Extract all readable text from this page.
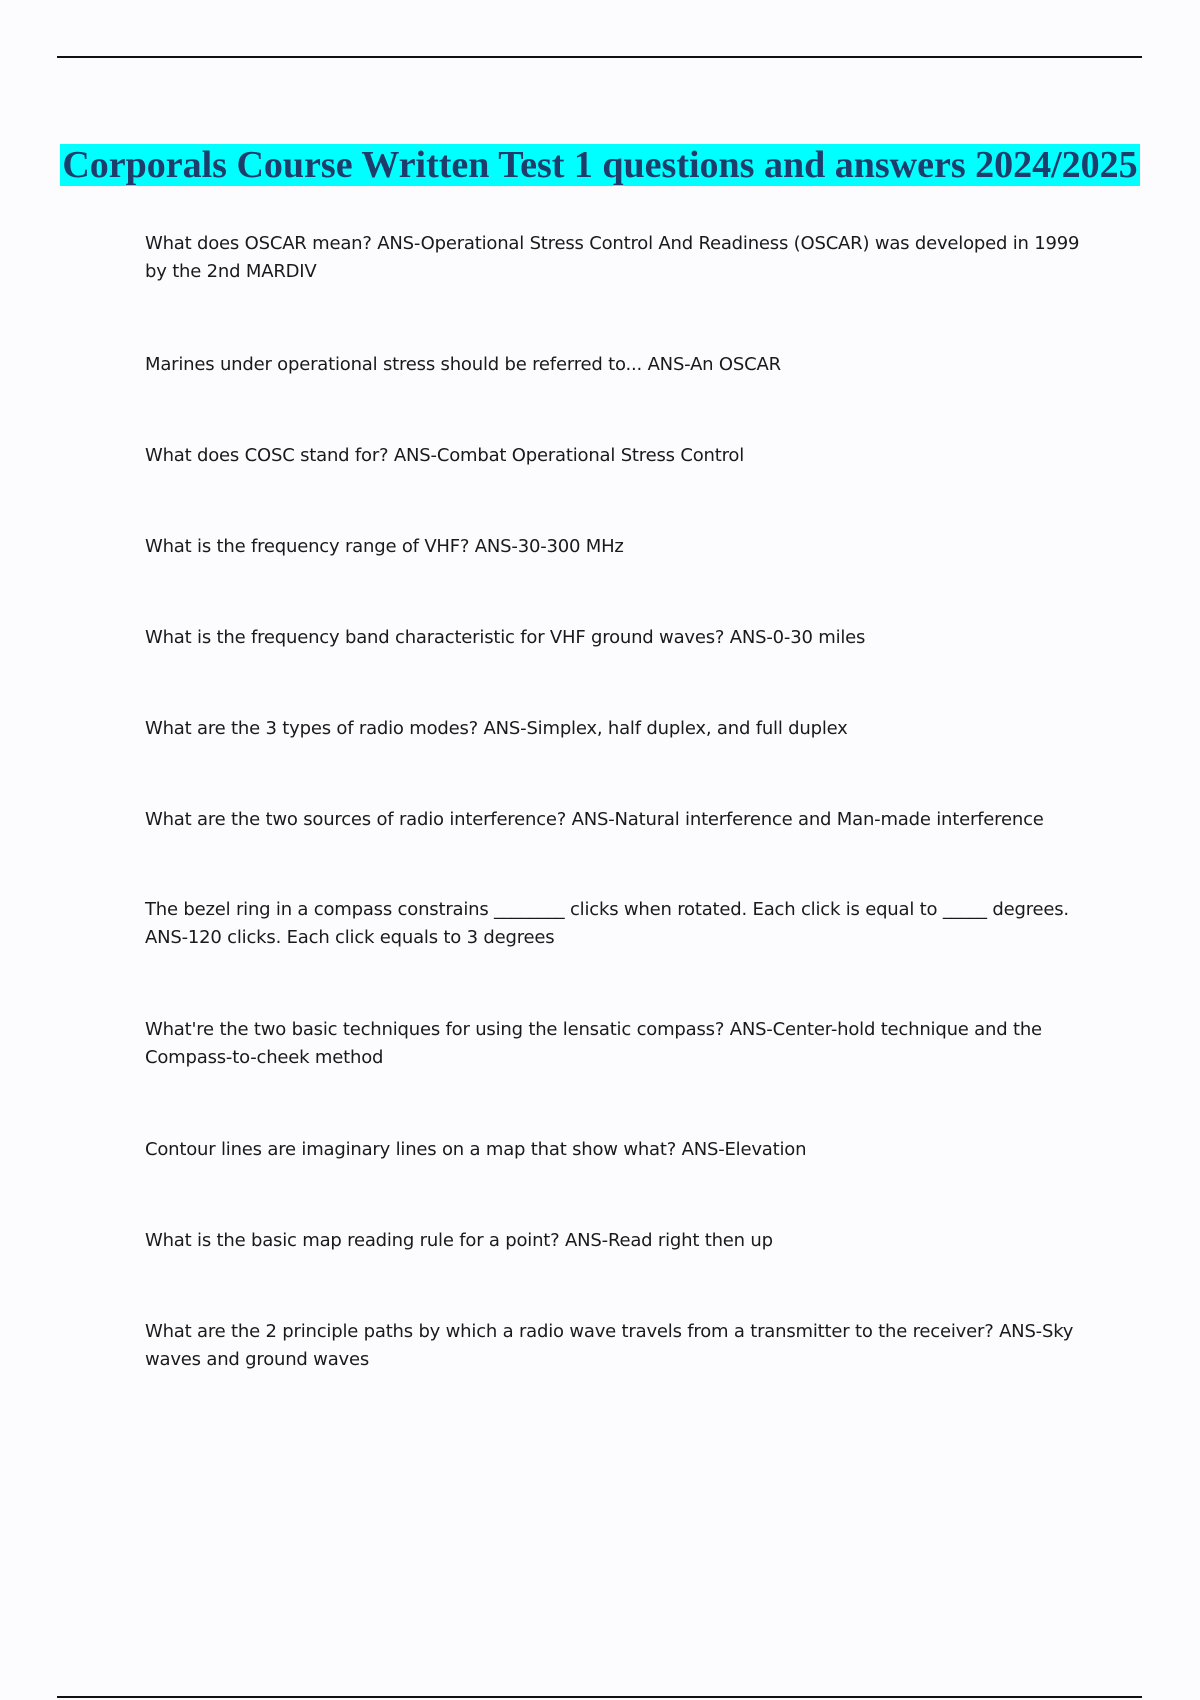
Corporals Course Written Test 1 questions and answers 2024/2025

What does OSCAR mean? ANS-Operational Stress Control And Readiness (OSCAR) was developed in 1999 by the 2nd MARDIV

Marines under operational stress should be referred to... ANS-An OSCAR

What does COSC stand for? ANS-Combat Operational Stress Control

What is the frequency range of VHF? ANS-30-300 MHz

What is the frequency band characteristic for VHF ground waves? ANS-0-30 miles

What are the 3 types of radio modes? ANS-Simplex, half duplex, and full duplex

What are the two sources of radio interference? ANS-Natural interference and Man-made interference

The bezel ring in a compass constrains ________ clicks when rotated. Each click is equal to _____ degrees. ANS-120 clicks. Each click equals to 3 degrees

What're the two basic techniques for using the lensatic compass? ANS-Center-hold technique and the Compass-to-cheek method

Contour lines are imaginary lines on a map that show what? ANS-Elevation

What is the basic map reading rule for a point? ANS-Read right then up

What are the 2 principle paths by which a radio wave travels from a transmitter to the receiver? ANS-Sky waves and ground waves
